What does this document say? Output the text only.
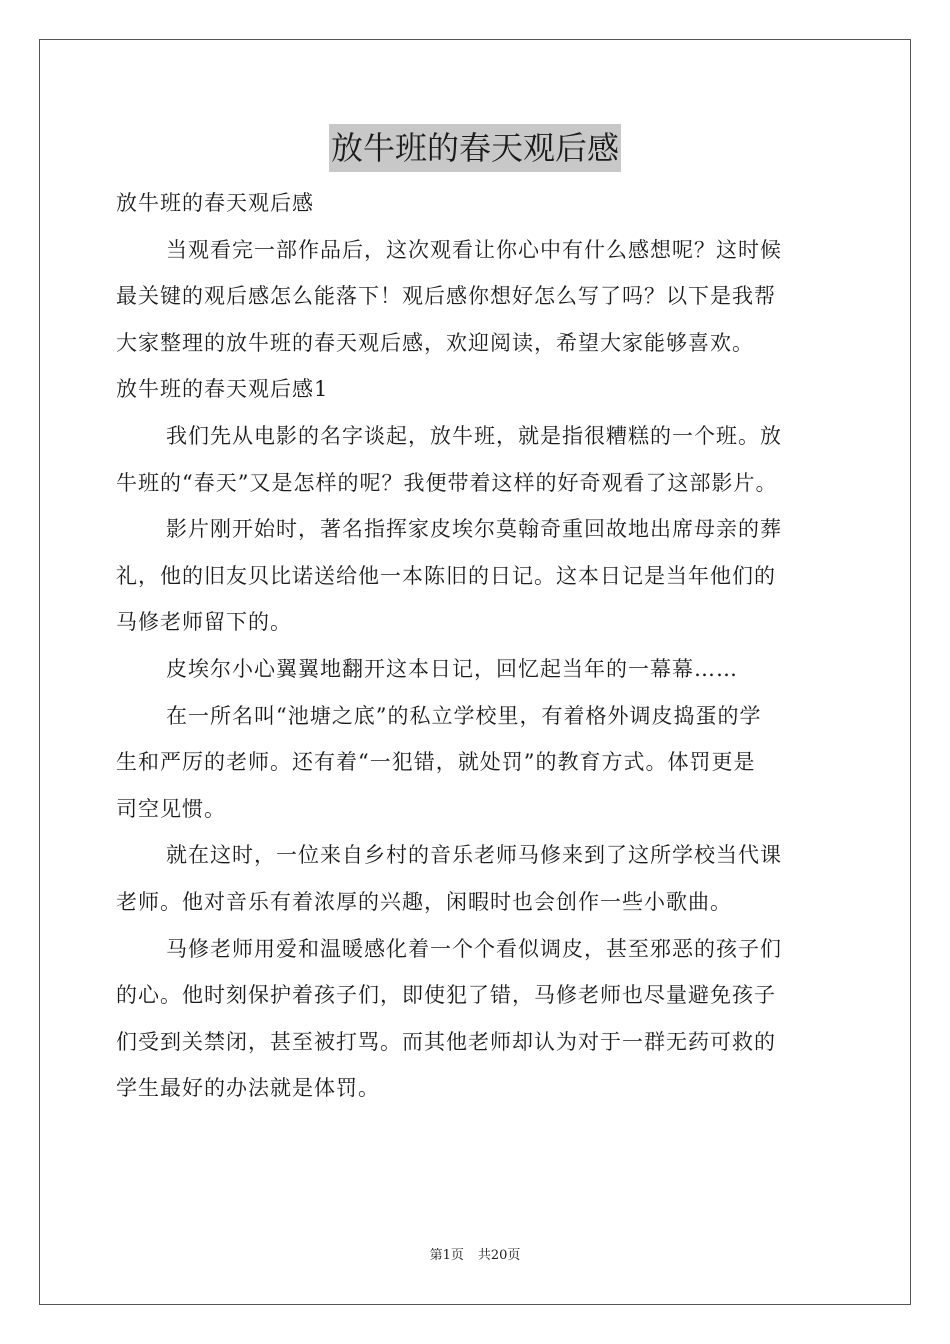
放牛班的春天观后感
放牛班的春天观后感
当观看完一部作品后，这次观看让你心中有什么感想呢？这时候
最关键的观后感怎么能落下！观后感你想好怎么写了吗？以下是我帮
大家整理的放牛班的春天观后感，欢迎阅读，希望大家能够喜欢。
放牛班的春天观后感1
我们先从电影的名字谈起，放牛班，就是指很糟糕的一个班。放
牛班的“春天”又是怎样的呢？我便带着这样的好奇观看了这部影片。
影片刚开始时，著名指挥家皮埃尔莫翰奇重回故地出席母亲的葬
礼，他的旧友贝比诺送给他一本陈旧的日记。这本日记是当年他们的
马修老师留下的。
皮埃尔小心翼翼地翻开这本日记，回忆起当年的一幕幕……
在一所名叫“池塘之底”的私立学校里，有着格外调皮捣蛋的学
生和严厉的老师。还有着“一犯错，就处罚”的教育方式。体罚更是
司空见惯。
就在这时，一位来自乡村的音乐老师马修来到了这所学校当代课
老师。他对音乐有着浓厚的兴趣，闲暇时也会创作一些小歌曲。
马修老师用爱和温暖感化着一个个看似调皮，甚至邪恶的孩子们
的心。他时刻保护着孩子们，即使犯了错，马修老师也尽量避免孩子
们受到关禁闭，甚至被打骂。而其他老师却认为对于一群无药可救的
学生最好的办法就是体罚。
第1页 共20页
